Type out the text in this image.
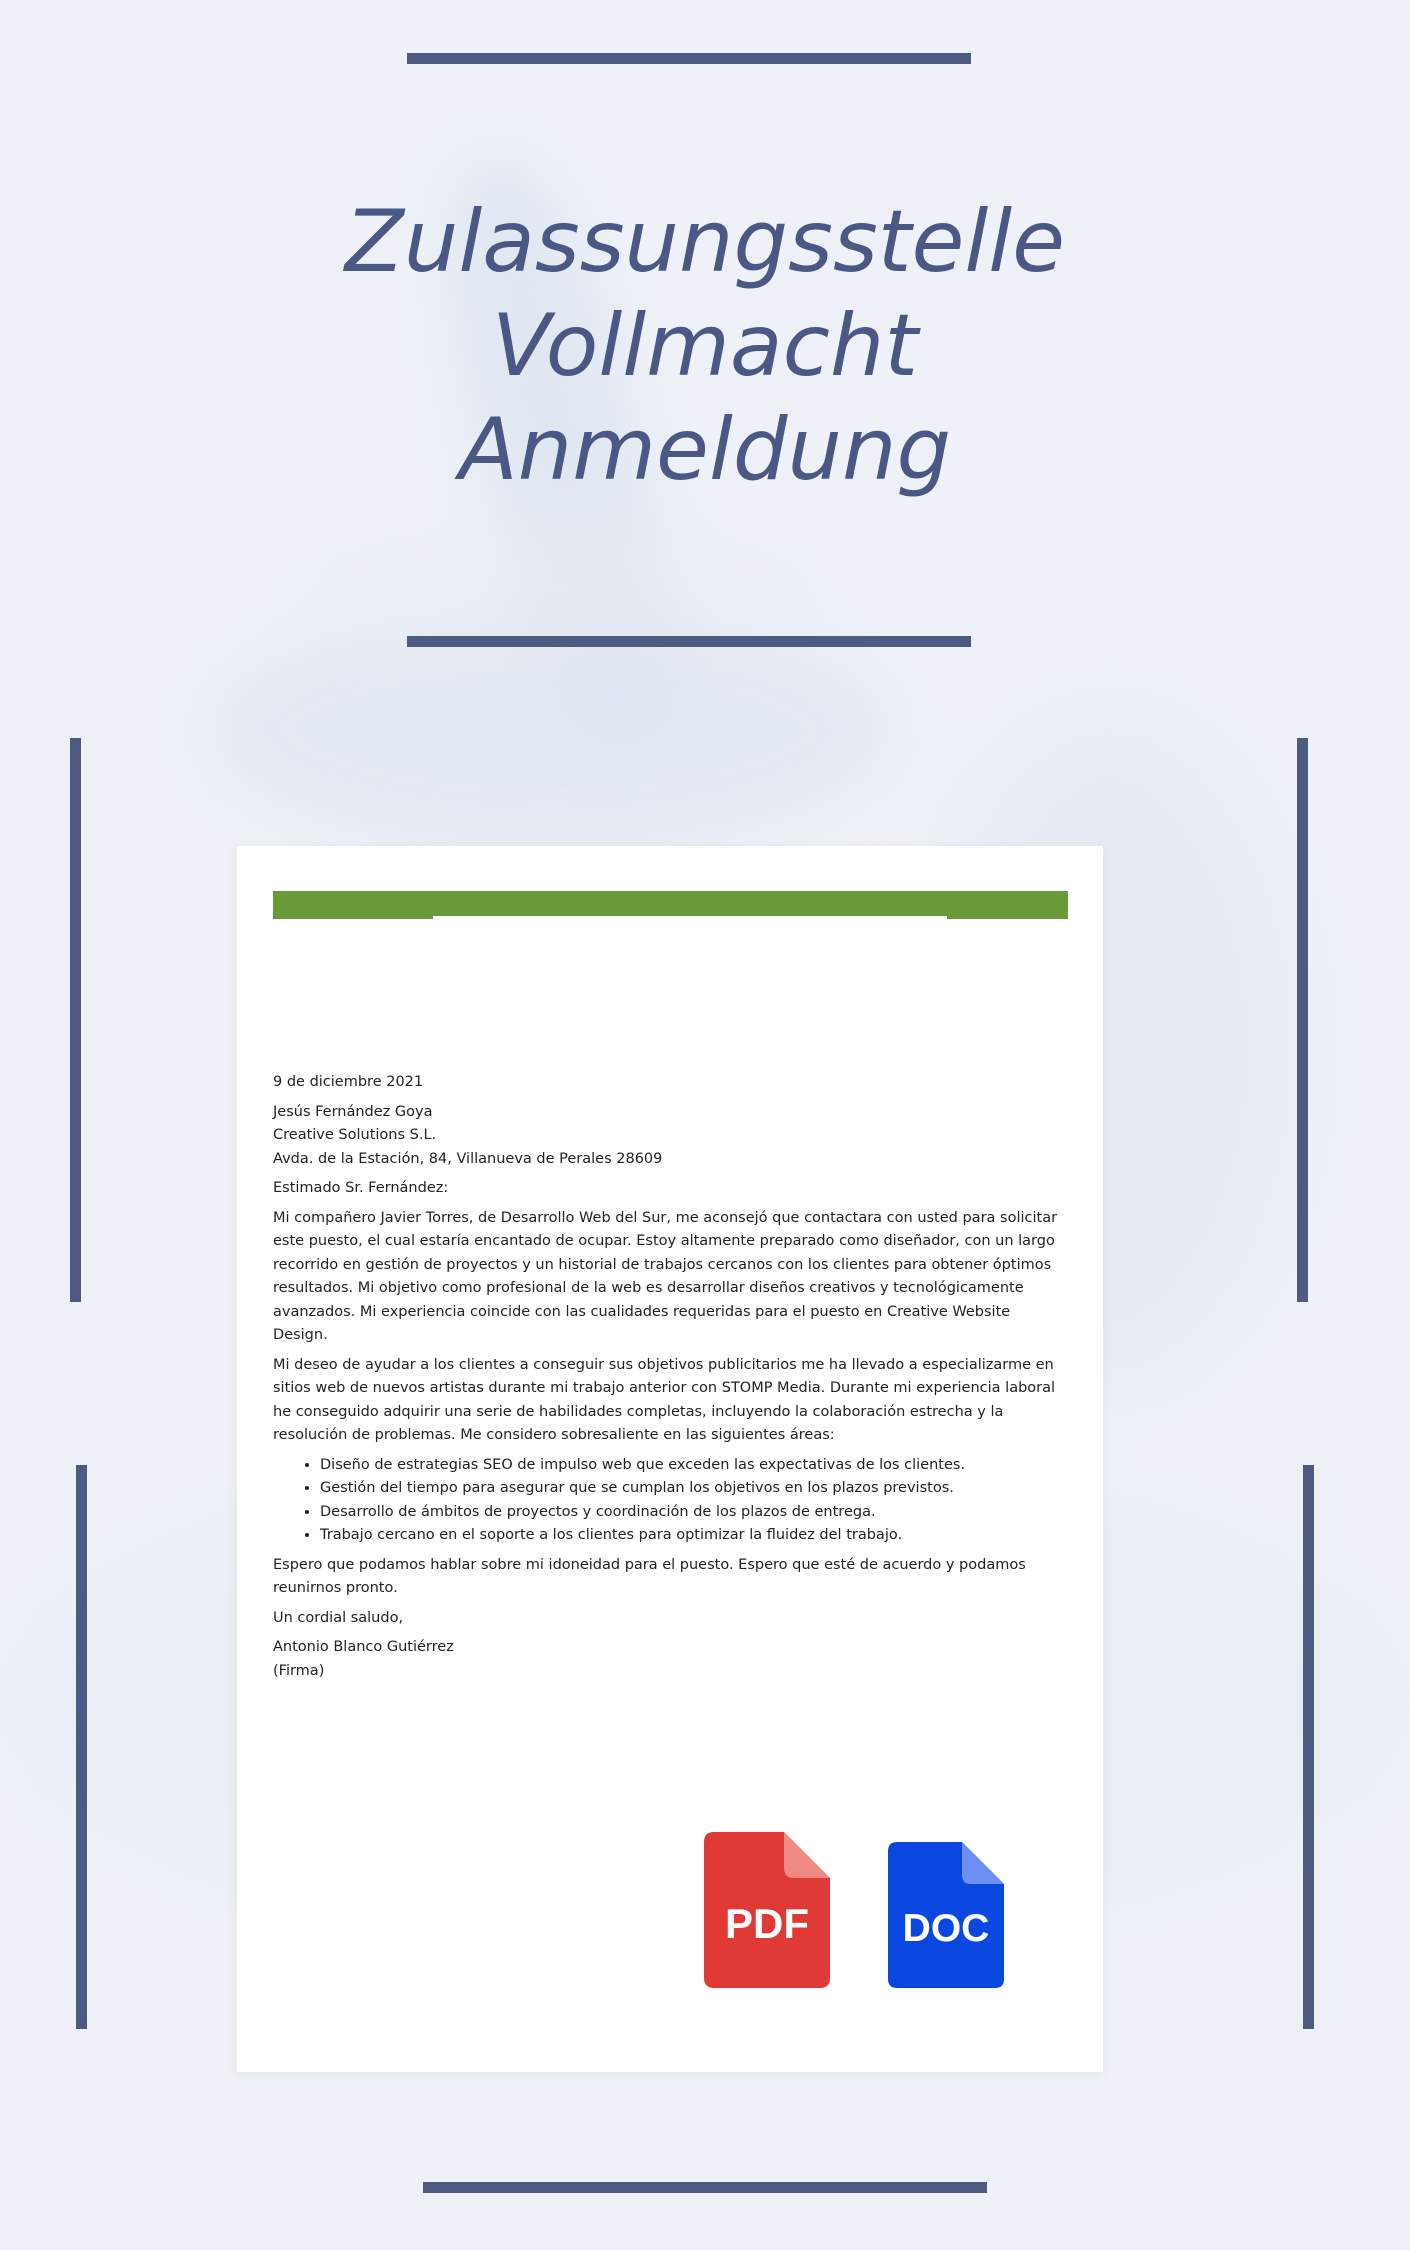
Zulassungsstelle
Vollmacht
Anmeldung

9 de diciembre 2021

Jesús Fernández Goya
Creative Solutions S.L.
Avda. de la Estación, 84, Villanueva de Perales 28609

Estimado Sr. Fernández:

Mi compañero Javier Torres, de Desarrollo Web del Sur, me aconsejó que contactara con usted para solicitar este puesto, el cual estaría encantado de ocupar. Estoy altamente preparado como diseñador, con un largo recorrido en gestión de proyectos y un historial de trabajos cercanos con los clientes para obtener óptimos resultados. Mi objetivo como profesional de la web es desarrollar diseños creativos y tecnológicamente avanzados. Mi experiencia coincide con las cualidades requeridas para el puesto en Creative Website Design.

Mi deseo de ayudar a los clientes a conseguir sus objetivos publicitarios me ha llevado a especializarme en sitios web de nuevos artistas durante mi trabajo anterior con STOMP Media. Durante mi experiencia laboral he conseguido adquirir una serie de habilidades completas, incluyendo la colaboración estrecha y la resolución de problemas. Me considero sobresaliente en las siguientes áreas:

• Diseño de estrategias SEO de impulso web que exceden las expectativas de los clientes.
• Gestión del tiempo para asegurar que se cumplan los objetivos en los plazos previstos.
• Desarrollo de ámbitos de proyectos y coordinación de los plazos de entrega.
• Trabajo cercano en el soporte a los clientes para optimizar la fluidez del trabajo.

Espero que podamos hablar sobre mi idoneidad para el puesto. Espero que esté de acuerdo y podamos reunirnos pronto.

Un cordial saludo,

Antonio Blanco Gutiérrez
(Firma)

PDF DOC
